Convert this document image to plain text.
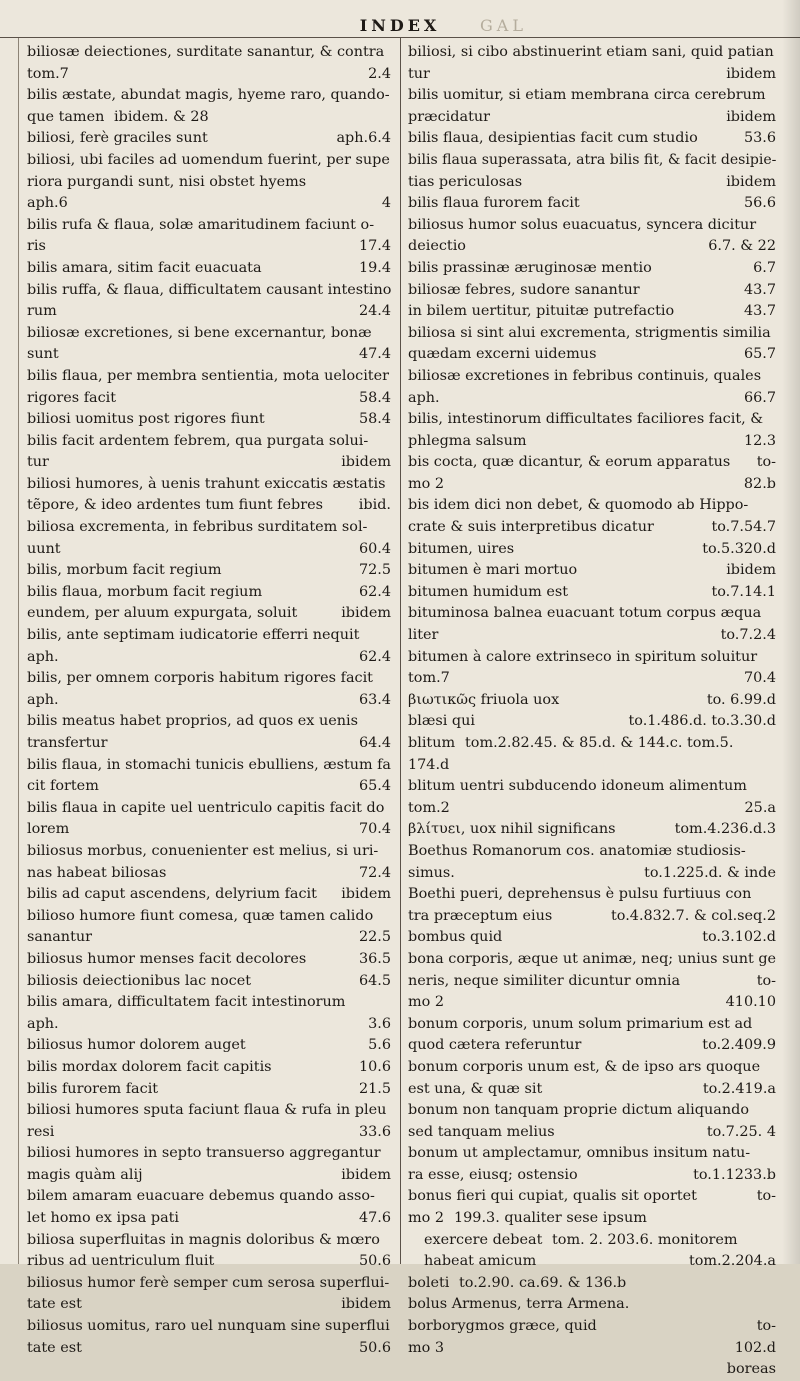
INDEX GAL
biliosæ deiectiones, surditate sanantur, & contra
tom.7	2.4
bilis æstate, abundat magis, hyeme raro, quando-
que tamen ibidem. & 28
biliosi, ferè graciles sunt	aph.6.4
biliosi, ubi faciles ad uomendum fuerint, per supe
riora purgandi sunt, nisi obstet hyems
aph.6	4
bilis rufa & flaua, solæ amaritudinem faciunt o-
ris	17.4
bilis amara, sitim facit euacuata	19.4
bilis ruffa, & flaua, difficultatem causant intestino
rum	24.4
biliosæ excretiones, si bene excernantur, bonæ
sunt	47.4
bilis flaua, per membra sentientia, mota uelociter
rigores facit	58.4
biliosi uomitus post rigores fiunt	58.4
bilis facit ardentem febrem, qua purgata solui-
tur	ibidem
biliosi humores, à uenis trahunt exiccatis æstatis
tẽpore, & ideo ardentes tum fiunt febres ibid.
biliosa excrementa, in febribus surditatem sol-
uunt	60.4
bilis, morbum facit regium	72.5
bilis flaua, morbum facit regium	62.4
eundem, per aluum expurgata, soluit	ibidem
bilis, ante septimam iudicatorie efferri nequit
aph.	62.4
bilis, per omnem corporis habitum rigores facit
aph.	63.4
bilis meatus habet proprios, ad quos ex uenis
transfertur	64.4
bilis flaua, in stomachi tunicis ebulliens, æstum fa
cit fortem	65.4
bilis flaua in capite uel uentriculo capitis facit do
lorem	70.4
biliosus morbus, conuenienter est melius, si uri-
nas habeat biliosas	72.4
bilis ad caput ascendens, delyrium facit ibidem
bilioso humore fiunt comesa, quæ tamen calido
sanantur	22.5
biliosus humor menses facit decolores	36.5
biliosis deiectionibus lac nocet	64.5
bilis amara, difficultatem facit intestinorum
aph.	3.6
biliosus humor dolorem auget	5.6
bilis mordax dolorem facit capitis	10.6
bilis furorem facit	21.5
biliosi humores sputa faciunt flaua & rufa in pleu
resi	33.6
biliosi humores in septo transuerso aggregantur
magis quàm alij	ibidem
bilem amaram euacuare debemus quando asso-
let homo ex ipsa pati	47.6
biliosa superfluitas in magnis doloribus & mœro
ribus ad uentriculum fluit	50.6
biliosus humor ferè semper cum serosa superflui-
tate est	ibidem
biliosus uomitus, raro uel nunquam sine superflui
tate est	50.6
biliosi, si cibo abstinuerint etiam sani, quid patian
tur	ibidem
bilis uomitur, si etiam membrana circa cerebrum
præcidatur	ibidem
bilis flaua, desipientias facit cum studio	53.6
bilis flaua superassata, atra bilis fit, & facit desipie-
tias periculosas	ibidem
bilis flaua furorem facit	56.6
biliosus humor solus euacuatus, syncera dicitur
deiectio	6.7. & 22
bilis prassinæ æruginosæ mentio	6.7
biliosæ febres, sudore sanantur	43.7
in bilem uertitur, pituitæ putrefactio	43.7
biliosa si sint alui excrementa, strigmentis similia
quædam excerni uidemus	65.7
biliosæ excretiones in febribus continuis, quales
aph.	66.7
bilis, intestinorum difficultates faciliores facit, &
phlegma salsum	12.3
bis cocta, quæ dicantur, & eorum apparatus to-
mo 2	82.b
bis idem dici non debet, & quomodo ab Hippo-
crate & suis interpretibus dicatur	to.7.54.7
bitumen, uires	to.5.320.d
bitumen è mari mortuo	ibidem
bitumen humidum est	to.7.14.1
bituminosa balnea euacuant totum corpus æqua
liter	to.7.2.4
bitumen à calore extrinseco in spiritum soluitur
tom.7	70.4
βιωτικῶς friuola uox	to. 6.99.d
blæsi qui	to.1.486.d. to.3.30.d
blitum tom.2.82.45. & 85.d. & 144.c. tom.5.
174.d
blitum uentri subducendo idoneum alimentum
tom.2	25.a
βλίτυει, uox nihil significans	tom.4.236.d.3
Boethus Romanorum cos. anatomiæ studiosis-
simus.	to.1.225.d. & inde
Boethi pueri, deprehensus è pulsu furtiuus con
tra præceptum eius	to.4.832.7. & col.seq.2
bombus quid	to.3.102.d
bona corporis, æque ut animæ, neq; unius sunt ge
neris, neque similiter dicuntur omnia	to-
mo 2	410.10
bonum corporis, unum solum primarium est ad
quod cætera referuntur	to.2.409.9
bonum corporis unum est, & de ipso ars quoque
est una, & quæ sit	to.2.419.a
bonum non tanquam proprie dictum aliquando
sed tanquam melius	to.7.25. 4
bonum ut amplectamur, omnibus insitum natu-
ra esse, eiusq; ostensio	to.1.1233.b
bonus fieri qui cupiat, qualis sit oportet	to-
mo 2 199.3. qualiter sese ipsum
exercere debeat tom. 2. 203.6. monitorem
habeat amicum	tom.2.204.a
boleti to.2.90. ca.69. & 136.b
bolus Armenus, terra Armena.
borborygmos græce, quid	to-
mo 3	102.d
boreas
